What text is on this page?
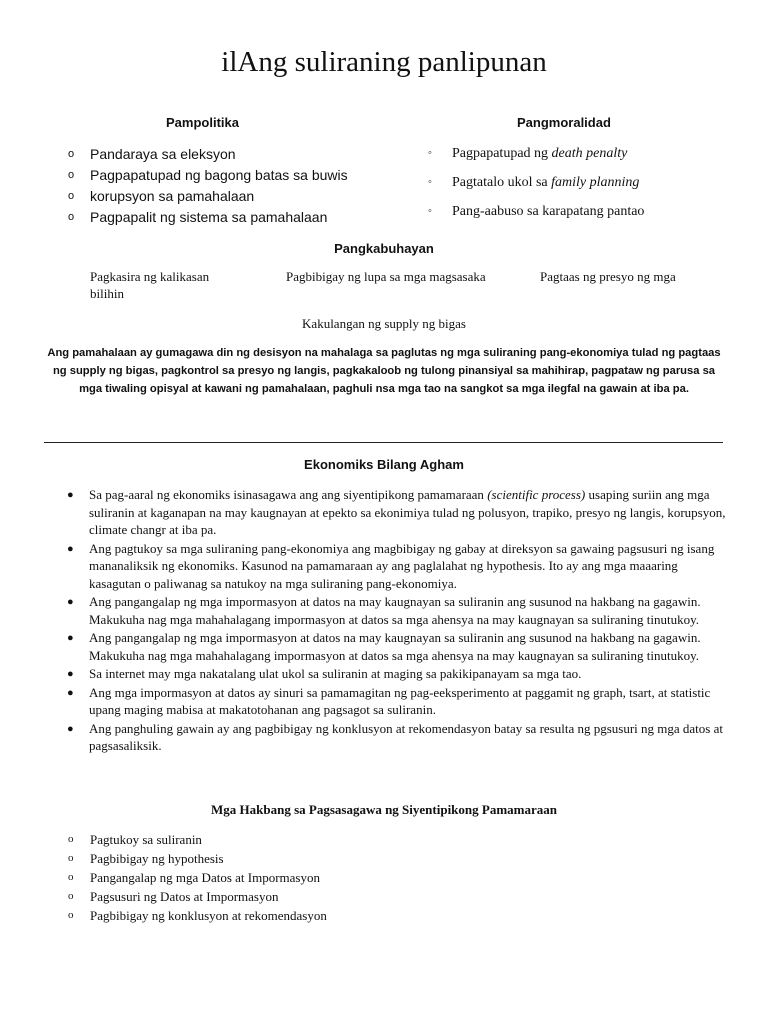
ilAng suliraning panlipunan
Pampolitika	Pangmoralidad
o Pandaraya sa eleksyon
o Pagpapatupad ng bagong batas sa buwis
o korupsyon sa pamahalaan
o Pagpapalit ng sistema sa pamahalaan
◦ Pagpapatupad ng death penalty
◦ Pagtatalo ukol sa family planning
◦ Pang-aabuso sa karapatang pantao
Pangkabuhayan
Pagkasira ng kalikasan
bilihin
Pagbibigay ng lupa sa mga magsasaka	Pagtaas ng presyo ng mga
Kakulangan ng supply ng bigas
Ang pamahalaan ay gumagawa din ng desisyon na mahalaga sa paglutas ng mga suliraning pang-ekonomiya tulad ng pagtaas ng supply ng bigas, pagkontrol sa presyo ng langis, pagkakaloob ng tulong pinansiyal sa mahihirap, pagpataw ng parusa sa mga tiwaling opisyal at kawani ng pamahalaan, paghuli nsa mga tao na sangkot sa mga ilegfal na gawain at iba pa.
Ekonomiks Bilang Agham
● Sa pag-aaral ng ekonomiks isinasagawa ang ang siyentipikong pamamaraan (scientific process) usaping suriin ang mga suliranin at kaganapan na may kaugnayan at epekto sa ekonimiya tulad ng polusyon, trapiko, presyo ng langis, korupsyon, climate changr at iba pa.
● Ang pagtukoy sa mga suliraning pang-ekonomiya ang magbibigay ng gabay at direksyon sa gawaing pagsusuri ng isang mananaliksik ng ekonomiks. Kasunod na pamamaraan ay ang paglalahat ng hypothesis. Ito ay ang mga maaaring kasagutan o paliwanag sa natukoy na mga suliraning pang-ekonomiya.
● Ang pangangalap ng mga impormasyon at datos na may kaugnayan sa suliranin ang susunod na hakbang na gagawin. Makukuha nag mga mahahalagang impormasyon at datos sa mga ahensya na may kaugnayan sa suliraning tinutukoy.
● Ang pangangalap ng mga impormasyon at datos na may kaugnayan sa suliranin ang susunod na hakbang na gagawin. Makukuha nag mga mahahalagang impormasyon at datos sa mga ahensya na may kaugnayan sa suliraning tinutukoy.
● Sa internet may mga nakatalang ulat ukol sa suliranin at maging sa pakikipanayam sa mga tao.
● Ang mga impormasyon at datos ay sinuri sa pamamagitan ng pag-eeksperimento at paggamit ng graph, tsart, at statistic upang maging mabisa at makatotohanan ang pagsagot sa suliranin.
● Ang panghuling gawain ay ang pagbibigay ng konklusyon at rekomendasyon batay sa resulta ng pgsusuri ng mga datos at pagsasaliksik.
Mga Hakbang sa Pagsasagawa ng Siyentipikong Pamamaraan
o Pagtukoy sa suliranin
o Pagbibigay ng hypothesis
o Pangangalap ng mga Datos at Impormasyon
o Pagsusuri ng Datos at Impormasyon
o Pagbibigay ng konklusyon at rekomendasyon
